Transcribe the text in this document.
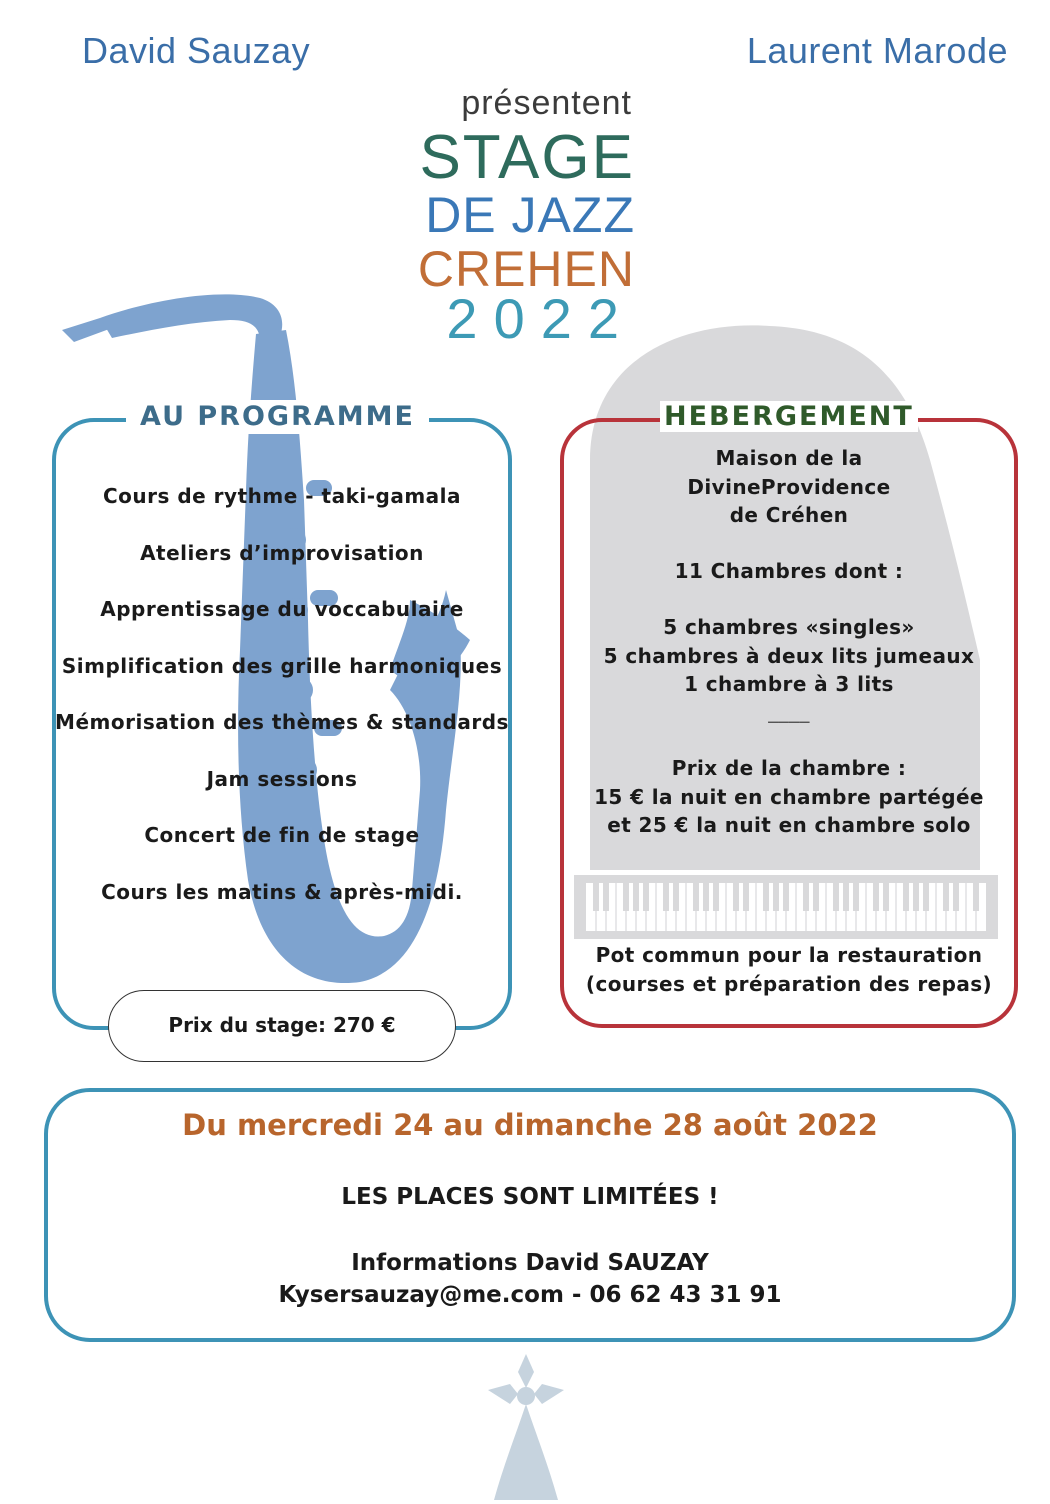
David Sauzay	Laurent Marode
présentent
STAGE
DE JAZZ
CREHEN
2022
AU PROGRAMME
Cours de rythme - taki-gamala
Ateliers d’improvisation
Apprentissage du voccabulaire
Simplification des grille harmoniques
Mémorisation des thèmes & standards
Jam sessions
Concert de fin de stage
Cours les matins & après-midi.
Prix du stage: 270 €
HEBERGEMENT
Maison de la
DivineProvidence
de Créhen
11 Chambres dont :
5 chambres «singles»
5 chambres à deux lits jumeaux
1 chambre à 3 lits
____
Prix de la chambre :
15 € la nuit en chambre partégée
et 25 € la nuit en chambre solo
Pot commun pour la restauration
(courses et préparation des repas)
Du mercredi 24 au dimanche 28 août 2022
LES PLACES SONT LIMITÉES !
Informations David SAUZAY
Kysersauzay@me.com - 06 62 43 31 91
